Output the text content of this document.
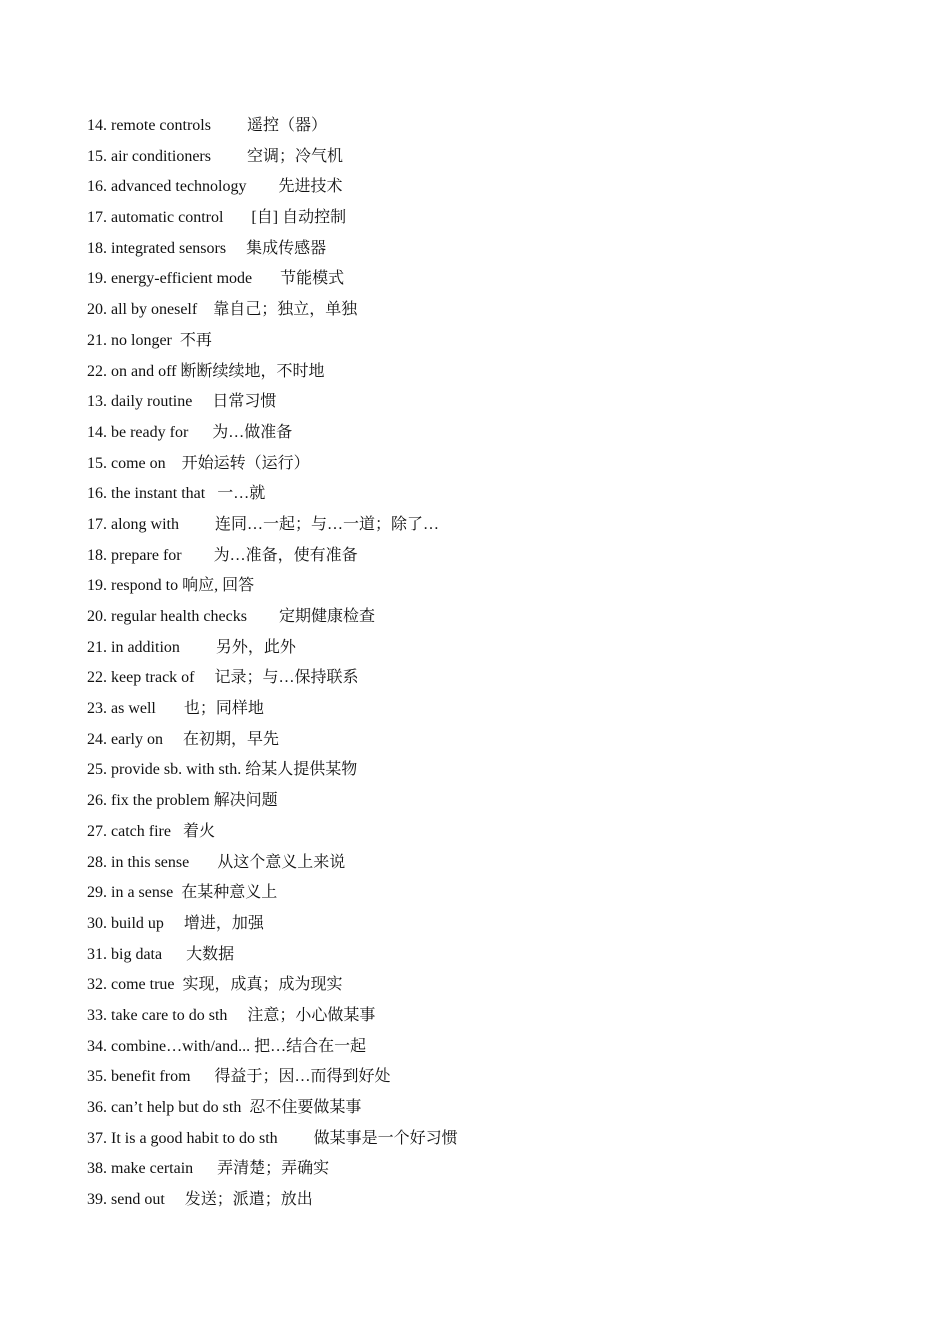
14. remote controls 遥控（器）
15. air conditioners 空调；冷气机
16. advanced technology 先进技术
17. automatic control [自] 自动控制
18. integrated sensors 集成传感器
19. energy-efficient mode 节能模式
20. all by oneself 靠自己；独立，单独
21. no longer 不再
22. on and off 断断续续地，不时地
13. daily routine 日常习惯
14. be ready for 为…做准备
15. come on 开始运转（运行）
16. the instant that 一…就
17. along with 连同…一起；与…一道；除了…
18. prepare for 为…准备，使有准备
19. respond to 响应, 回答
20. regular health checks 定期健康检查
21. in addition 另外，此外
22. keep track of 记录；与…保持联系
23. as well 也；同样地
24. early on 在初期，早先
25. provide sb. with sth. 给某人提供某物
26. fix the problem 解决问题
27. catch fire 着火
28. in this sense 从这个意义上来说
29. in a sense 在某种意义上
30. build up 增进，加强
31. big data 大数据
32. come true 实现，成真；成为现实
33. take care to do sth 注意；小心做某事
34. combine…with/and... 把…结合在一起
35. benefit from 得益于；因…而得到好处
36. can’t help but do sth 忍不住要做某事
37. It is a good habit to do sth 做某事是一个好习惯
38. make certain 弄清楚；弄确实
39. send out 发送；派遣；放出
